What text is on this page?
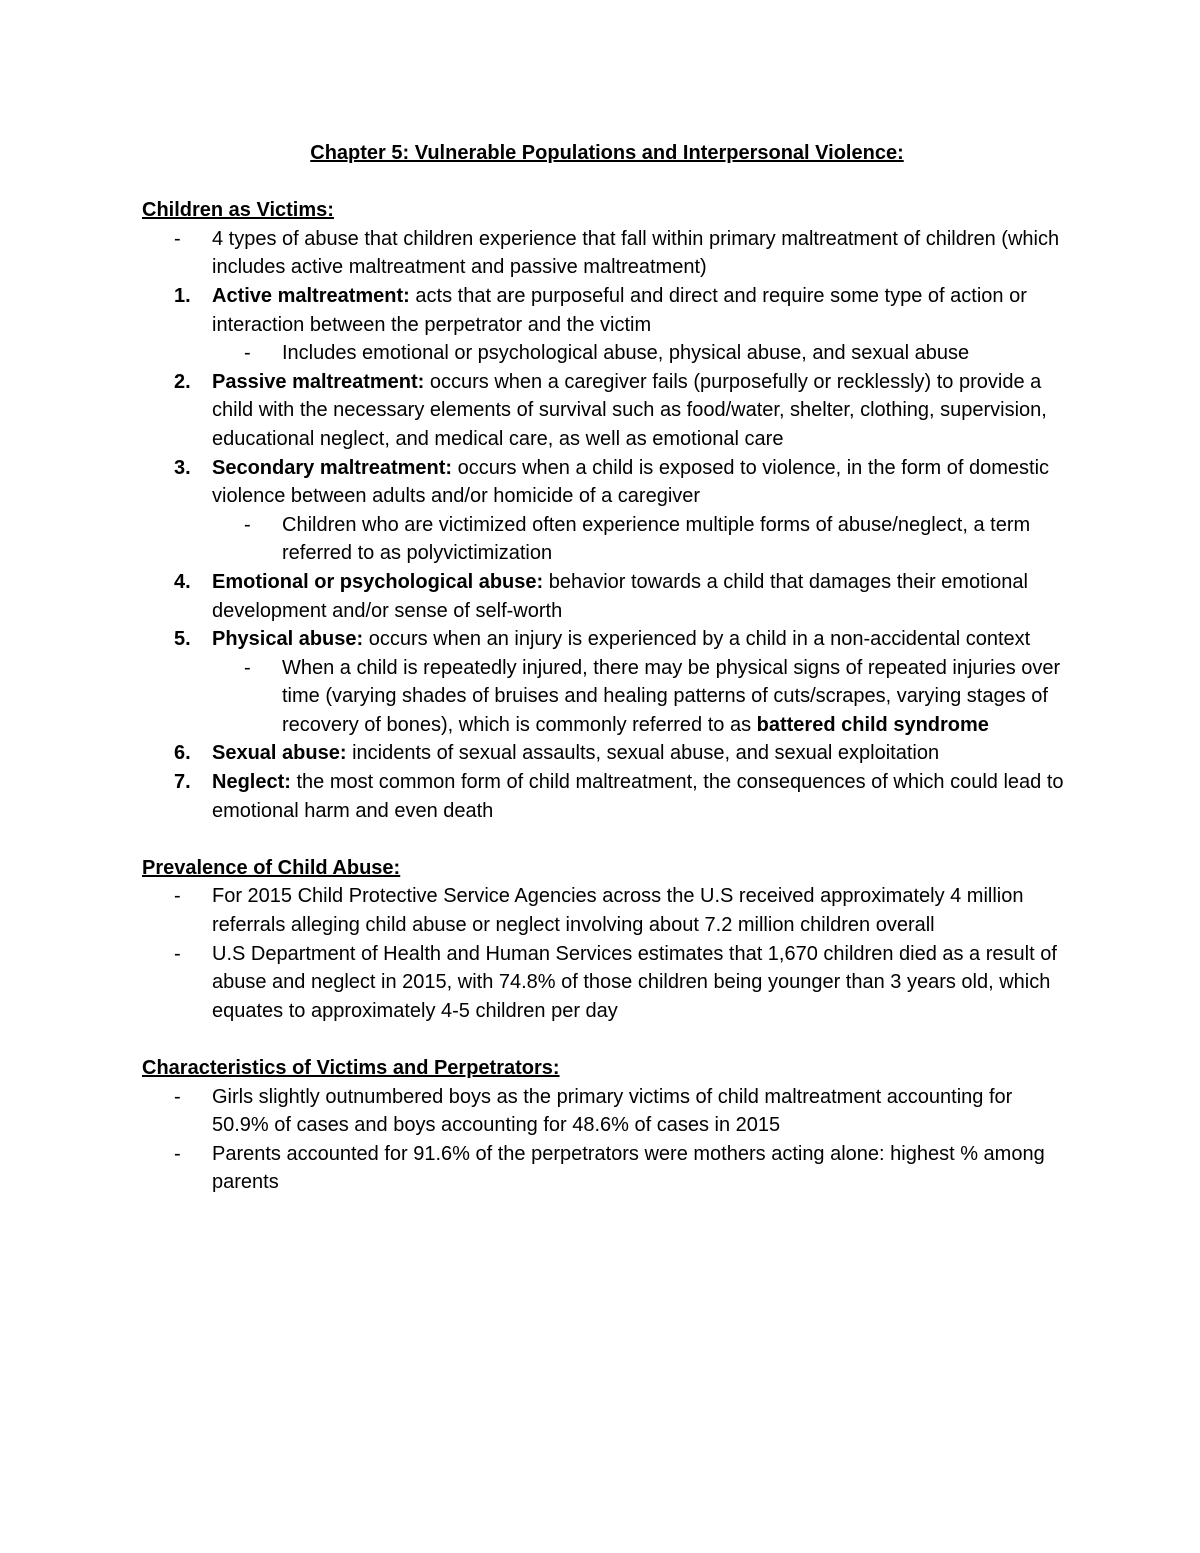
Chapter 5: Vulnerable Populations and Interpersonal Violence:

Children as Victims:

-	4 types of abuse that children experience that fall within primary maltreatment of children (which includes active maltreatment and passive maltreatment)
1.	Active maltreatment: acts that are purposeful and direct and require some type of action or interaction between the perpetrator and the victim
-	Includes emotional or psychological abuse, physical abuse, and sexual abuse
2.	Passive maltreatment: occurs when a caregiver fails (purposefully or recklessly) to provide a child with the necessary elements of survival such as food/water, shelter, clothing, supervision, educational neglect, and medical care, as well as emotional care
3.	Secondary maltreatment: occurs when a child is exposed to violence, in the form of domestic violence between adults and/or homicide of a caregiver
-	Children who are victimized often experience multiple forms of abuse/neglect, a term referred to as polyvictimization
4.	Emotional or psychological abuse: behavior towards a child that damages their emotional development and/or sense of self-worth
5.	Physical abuse: occurs when an injury is experienced by a child in a non-accidental context
-	When a child is repeatedly injured, there may be physical signs of repeated injuries over time (varying shades of bruises and healing patterns of cuts/scrapes, varying stages of recovery of bones), which is commonly referred to as battered child syndrome
6.	Sexual abuse: incidents of sexual assaults, sexual abuse, and sexual exploitation
7.	Neglect: the most common form of child maltreatment, the consequences of which could lead to emotional harm and even death

Prevalence of Child Abuse:

-	For 2015 Child Protective Service Agencies across the U.S received approximately 4 million referrals alleging child abuse or neglect involving about 7.2 million children overall
-	U.S Department of Health and Human Services estimates that 1,670 children died as a result of abuse and neglect in 2015, with 74.8% of those children being younger than 3 years old, which equates to approximately 4-5 children per day

Characteristics of Victims and Perpetrators:

-	Girls slightly outnumbered boys as the primary victims of child maltreatment accounting for 50.9% of cases and boys accounting for 48.6% of cases in 2015
-	Parents accounted for 91.6% of the perpetrators were mothers acting alone: highest % among parents
